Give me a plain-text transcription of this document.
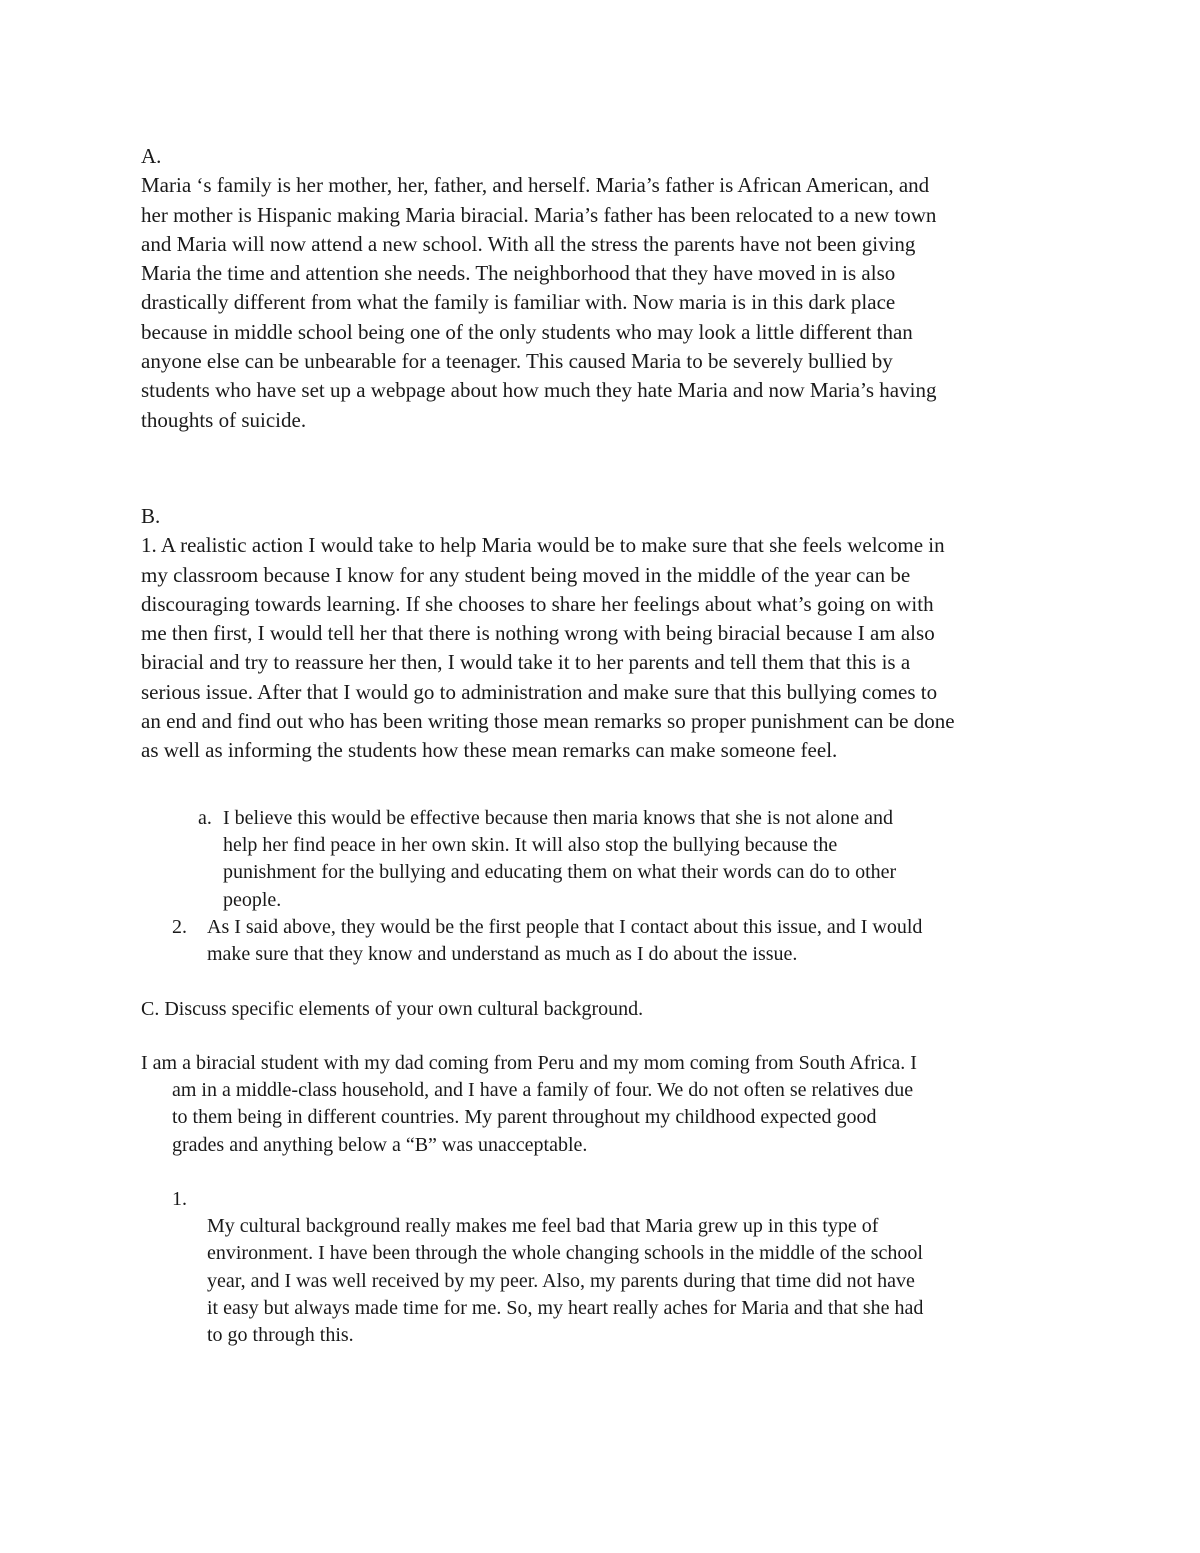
A.

Maria ‘s family is her mother, her, father, and herself. Maria’s father is African American, and

her mother is Hispanic making Maria biracial. Maria’s father has been relocated to a new town

and Maria will now attend a new school. With all the stress the parents have not been giving

Maria the time and attention she needs. The neighborhood that they have moved in is also

drastically different from what the family is familiar with. Now maria is in this dark place

because in middle school being one of the only students who may look a little different than

anyone else can be unbearable for a teenager. This caused Maria to be severely bullied by

students who have set up a webpage about how much they hate Maria and now Maria’s having

thoughts of suicide.

B.

1. A realistic action I would take to help Maria would be to make sure that she feels welcome in

my classroom because I know for any student being moved in the middle of the year can be

discouraging towards learning. If she chooses to share her feelings about what’s going on with

me then first, I would tell her that there is nothing wrong with being biracial because I am also

biracial and try to reassure her then, I would take it to her parents and tell them that this is a

serious issue. After that I would go to administration and make sure that this bullying comes to

an end and find out who has been writing those mean remarks so proper punishment can be done

as well as informing the students how these mean remarks can make someone feel.

a. I believe this would be effective because then maria knows that she is not alone and

help her find peace in her own skin. It will also stop the bullying because the

punishment for the bullying and educating them on what their words can do to other

people.

2. As I said above, they would be the first people that I contact about this issue, and I would

make sure that they know and understand as much as I do about the issue.

C. Discuss specific elements of your own cultural background.

I am a biracial student with my dad coming from Peru and my mom coming from South Africa. I

am in a middle-class household, and I have a family of four. We do not often se relatives due

to them being in different countries. My parent throughout my childhood expected good

grades and anything below a “B” was unacceptable.

1.

My cultural background really makes me feel bad that Maria grew up in this type of

environment. I have been through the whole changing schools in the middle of the school

year, and I was well received by my peer. Also, my parents during that time did not have

it easy but always made time for me. So, my heart really aches for Maria and that she had

to go through this.
